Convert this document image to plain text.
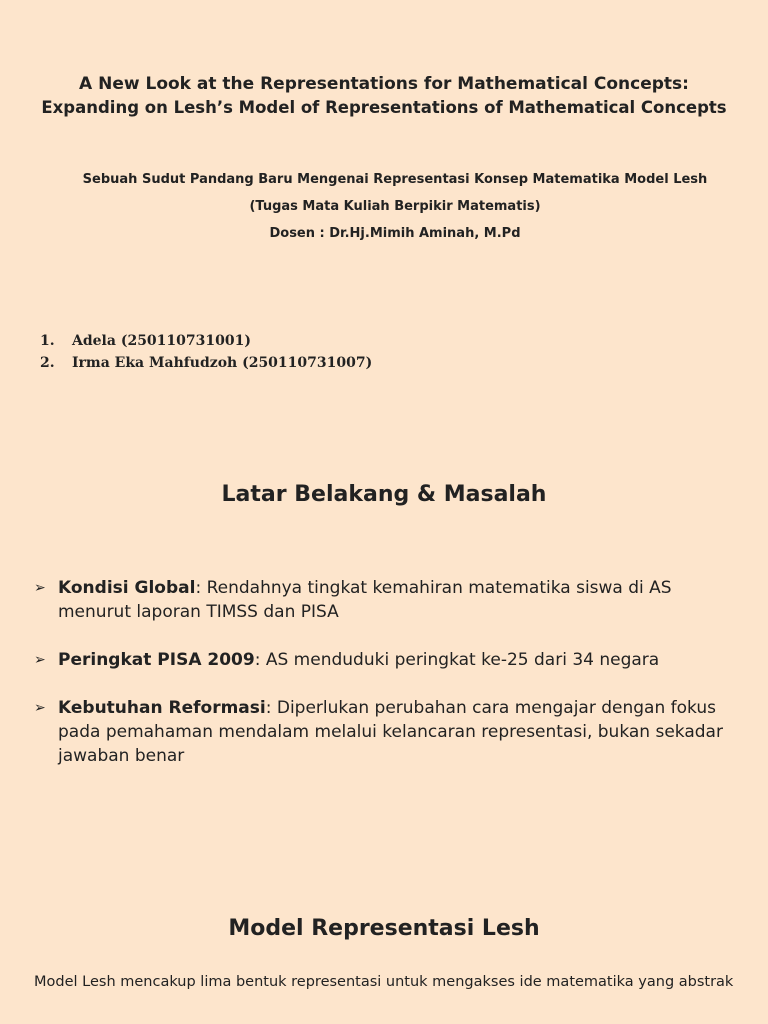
A New Look at the Representations for Mathematical Concepts:

Expanding on Lesh’s Model of Representations of Mathematical Concepts

Sebuah Sudut Pandang Baru Mengenai Representasi Konsep Matematika Model Lesh
(Tugas Mata Kuliah Berpikir Matematis)
Dosen : Dr.Hj.Mimih Aminah, M.Pd
1.	Adela (250110731001)
2.	Irma Eka Mahfudzoh (250110731007)
Latar Belakang & Masalah
➢ Kondisi Global: Rendahnya tingkat kemahiran matematika siswa di AS menurut laporan TIMSS dan PISA
➢ Peringkat PISA 2009: AS menduduki peringkat ke-25 dari 34 negara
➢ Kebutuhan Reformasi: Diperlukan perubahan cara mengajar dengan fokus pada pemahaman mendalam melalui kelancaran representasi, bukan sekadar jawaban benar
Model Representasi Lesh

Model Lesh mencakup lima bentuk representasi untuk mengakses ide matematika yang abstrak
